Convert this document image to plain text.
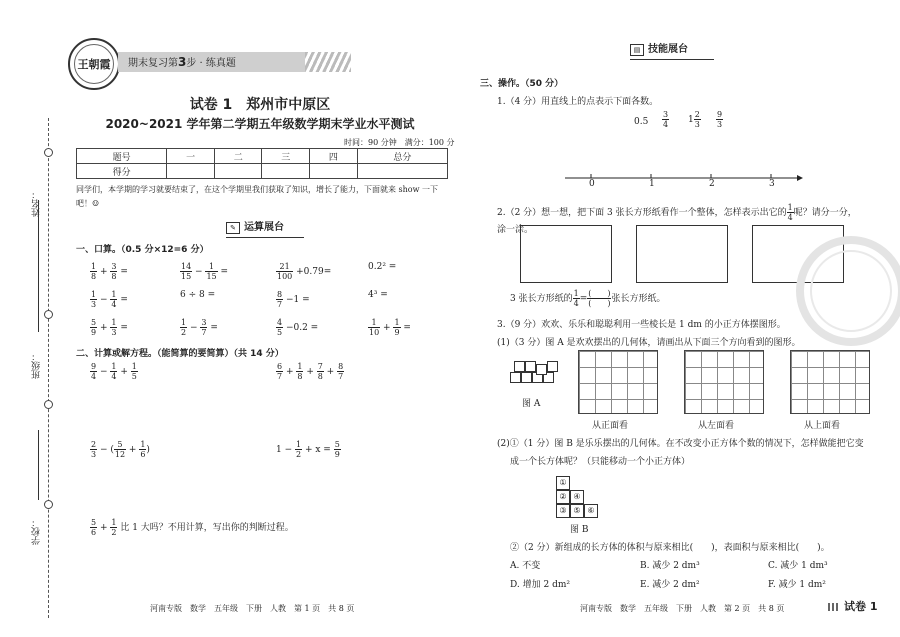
姓名：
班级：
学校：
王朝霞	期末复习第3步 · 练真题
试卷 1　郑州市中原区
2020~2021 学年第二学期五年级数学期末学业水平测试
时间：90 分钟　满分：100 分
题号	一	二	三	四	总分
得分					
同学们，本学期的学习就要结束了，在这个学期里我们获取了知识，增长了能力，下面就来 show 一下吧！☺
✎ 运算展台
一、口算。（0.5 分×12=6 分）
$\frac{1}{8} + \frac{3}{8}$ =	$\frac{14}{15} - \frac{1}{15}$ =	$\frac{21}{100} +0.79=$	0.2² =
$\frac{1}{3} - \frac{1}{4}$ =	6 ÷ 8 =	$\frac{8}{7} -1$ =	4³ =
$\frac{5}{9} + \frac{1}{3}$ =	$\frac{1}{2} - \frac{3}{7}$ =	$\frac{4}{5} -0.2$ =	$\frac{1}{10} + \frac{1}{9}$ =
二、计算或解方程。（能简算的要简算）（共 14 分）
$\frac{9}{4} - \frac{1}{4} + \frac{1}{5}$	$\frac{6}{7} + \frac{1}{8} + \frac{7}{8} + \frac{8}{7}$
$\frac{2}{3}$ − ( $\frac{5}{12} + \frac{1}{6}$ )	$1 - \frac{1}{2} + x = \frac{5}{9}$
$\frac{5}{6} + \frac{1}{2}$ 比 1 大吗？不用计算，写出你的判断过程。
河南专版　数学　五年级　下册　人教　第 1 页　共 8 页
▤ 技能展台
三、操作。（50 分）
1.（4 分）用直线上的点表示下面各数。
$0.5 \frac{3}{4} 1 \frac{2}{3} \frac{9}{3}$
0	1	2	3
2.（2 分）想一想，把下面 3 张长方形纸看作一个整体，怎样表示出它的 $\frac{1}{4}$ 呢？请分一分，涂一涂。
3 张长方形纸的 $\frac{1}{4} = \frac{( )}{( )}$ 张长方形纸。
3.（9 分）欢欢、乐乐和聪聪利用一些棱长是 1 dm 的小正方体摆图形。
(1)（3 分）图 A 是欢欢摆出的几何体，请画出从下面三个方向看到的图形。
图 A
从正面看	从左面看	从上面看
(2)①（1 分）图 B 是乐乐摆出的几何体。在不改变小正方体个数的情况下，怎样做能把它变
成一个长方体呢？（只能移动一个小正方体）
①
②
③
④
⑤ ⑥
图 B
②（2 分）新组成的长方体的体积与原来相比(　　)，表面积与原来相比(　　)。
A. 不变	B. 减少 2 dm³	C. 减少 1 dm³
D. 增加 2 dm²	E. 减少 2 dm²	F. 减少 1 dm²
河南专版　数学　五年级　下册　人教　第 2 页　共 8 页	试卷 1
